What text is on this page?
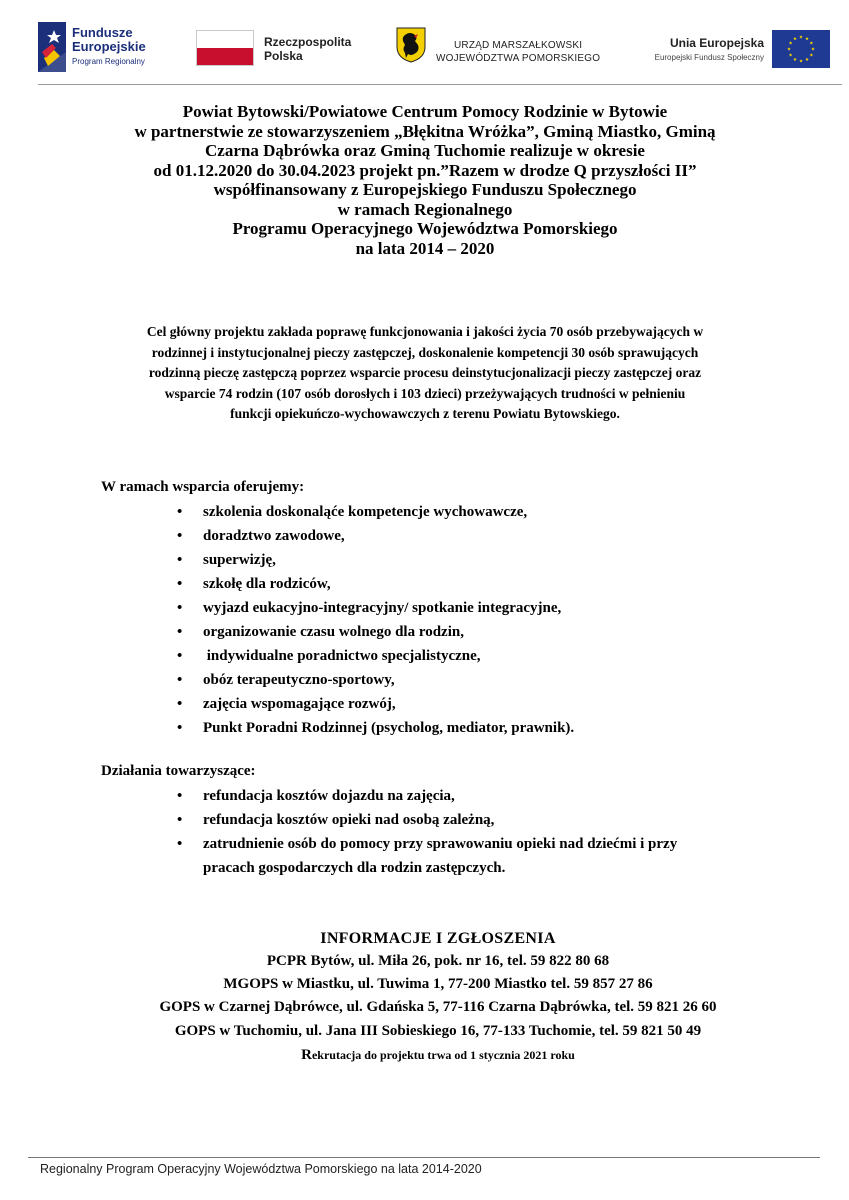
Fundusze
Europejskie
Program Regionalny
Rzeczpospolita
Polska
URZĄD MARSZAŁKOWSKI
WOJEWÓDZTWA POMORSKIEGO
Unia Europejska
Europejski Fundusz Społeczny
Powiat Bytowski/Powiatowe Centrum Pomocy Rodzinie w Bytowie
w partnerstwie ze stowarzyszeniem „Błękitna Wróżka”, Gminą Miastko, Gminą
Czarna Dąbrówka oraz Gminą Tuchomie realizuje w okresie
od 01.12.2020 do 30.04.2023 projekt pn.”Razem w drodze Q przyszłości II”
współfinansowany z Europejskiego Funduszu Społecznego
w ramach Regionalnego
Programu Operacyjnego Województwa Pomorskiego
na lata 2014 – 2020
Cel główny projektu zakłada poprawę funkcjonowania i jakości życia 70 osób przebywających w
rodzinnej i instytucjonalnej pieczy zastępczej, doskonalenie kompetencji 30 osób sprawujących
rodzinną pieczę zastępczą poprzez wsparcie procesu deinstytucjonalizacji pieczy zastępczej oraz
wsparcie 74 rodzin (107 osób dorosłych i 103 dzieci) przeżywających trudności w pełnieniu
funkcji opiekuńczo-wychowawczych z terenu Powiatu Bytowskiego.
W ramach wsparcia oferujemy:
• szkolenia doskonaląće kompetencje wychowawcze,
• doradztwo zawodowe,
• superwizję,
• szkołę dla rodziców,
• wyjazd eukacyjno-integracyjny/ spotkanie integracyjne,
• organizowanie czasu wolnego dla rodzin,
•  indywidualne poradnictwo specjalistyczne,
• obóz terapeutyczno-sportowy,
• zajęcia wspomagające rozwój,
• Punkt Poradni Rodzinnej (psycholog, mediator, prawnik).
Działania towarzyszące:
• refundacja kosztów dojazdu na zajęcia,
• refundacja kosztów opieki nad osobą zależną,
• zatrudnienie osób do pomocy przy sprawowaniu opieki nad dziećmi i przy
pracach gospodarczych dla rodzin zastępczych.
INFORMACJE I ZGŁOSZENIA
PCPR Bytów, ul. Miła 26, pok. nr 16, tel. 59 822 80 68
MGOPS w Miastku, ul. Tuwima 1, 77-200 Miastko tel. 59 857 27 86
GOPS w Czarnej Dąbrówce, ul. Gdańska 5, 77-116 Czarna Dąbrówka, tel. 59 821 26 60
GOPS w Tuchomiu, ul. Jana III Sobieskiego 16, 77-133 Tuchomie, tel. 59 821 50 49
Rekrutacja do projektu trwa od 1 stycznia 2021 roku
Regionalny Program Operacyjny Województwa Pomorskiego na lata 2014-2020
